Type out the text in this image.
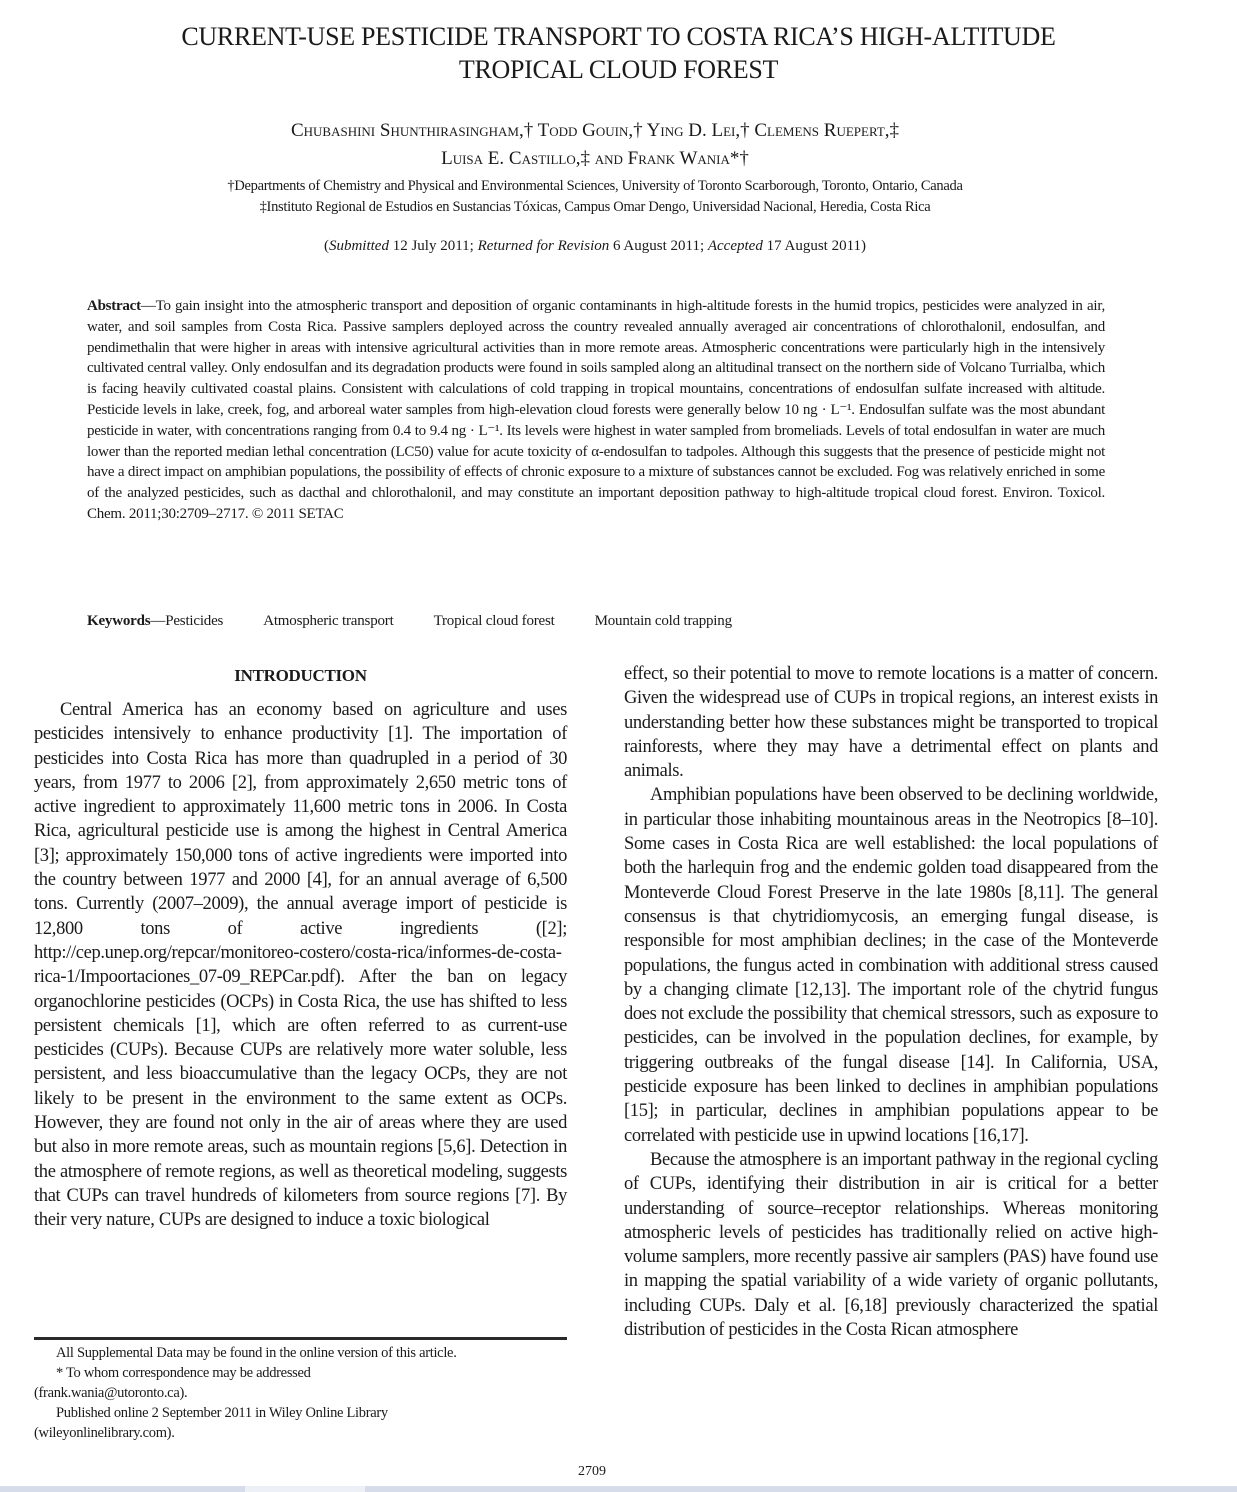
CURRENT-USE PESTICIDE TRANSPORT TO COSTA RICA’S HIGH-ALTITUDE
TROPICAL CLOUD FOREST
Chubashini Shunthirasingham,† Todd Gouin,† Ying D. Lei,† Clemens Ruepert,‡
Luisa E. Castillo,‡ and Frank Wania*†
†Departments of Chemistry and Physical and Environmental Sciences, University of Toronto Scarborough, Toronto, Ontario, Canada
‡Instituto Regional de Estudios en Sustancias Tóxicas, Campus Omar Dengo, Universidad Nacional, Heredia, Costa Rica
(Submitted 12 July 2011; Returned for Revision 6 August 2011; Accepted 17 August 2011)
Abstract—To gain insight into the atmospheric transport and deposition of organic contaminants in high-altitude forests in the humid tropics, pesticides were analyzed in air, water, and soil samples from Costa Rica. Passive samplers deployed across the country revealed annually averaged air concentrations of chlorothalonil, endosulfan, and pendimethalin that were higher in areas with intensive agricultural activities than in more remote areas. Atmospheric concentrations were particularly high in the intensively cultivated central valley. Only endosulfan and its degradation products were found in soils sampled along an altitudinal transect on the northern side of Volcano Turrialba, which is facing heavily cultivated coastal plains. Consistent with calculations of cold trapping in tropical mountains, concentrations of endosulfan sulfate increased with altitude. Pesticide levels in lake, creek, fog, and arboreal water samples from high-elevation cloud forests were generally below 10 ng · L⁻¹. Endosulfan sulfate was the most abundant pesticide in water, with concentrations ranging from 0.4 to 9.4 ng · L⁻¹. Its levels were highest in water sampled from bromeliads. Levels of total endosulfan in water are much lower than the reported median lethal concentration (LC50) value for acute toxicity of α-endosulfan to tadpoles. Although this suggests that the presence of pesticide might not have a direct impact on amphibian populations, the possibility of effects of chronic exposure to a mixture of substances cannot be excluded. Fog was relatively enriched in some of the analyzed pesticides, such as dacthal and chlorothalonil, and may constitute an important deposition pathway to high-altitude tropical cloud forest. Environ. Toxicol. Chem. 2011;30:2709–2717. © 2011 SETAC
Keywords—Pesticides	Atmospheric transport	Tropical cloud forest	Mountain cold trapping
INTRODUCTION

Central America has an economy based on agriculture and uses pesticides intensively to enhance productivity [1]. The importation of pesticides into Costa Rica has more than quadrupled in a period of 30 years, from 1977 to 2006 [2], from approximately 2,650 metric tons of active ingredient to approximately 11,600 metric tons in 2006. In Costa Rica, agricultural pesticide use is among the highest in Central America [3]; approximately 150,000 tons of active ingredients were imported into the country between 1977 and 2000 [4], for an annual average of 6,500 tons. Currently (2007–2009), the annual average import of pesticide is 12,800 tons of active ingredients ([2]; http://cep.unep.org/repcar/monitoreo-costero/costa-rica/informes-de-costa-rica-1/Impoortaciones_07-09_REPCar.pdf). After the ban on legacy organochlorine pesticides (OCPs) in Costa Rica, the use has shifted to less persistent chemicals [1], which are often referred to as current-use pesticides (CUPs). Because CUPs are relatively more water soluble, less persistent, and less bioaccumulative than the legacy OCPs, they are not likely to be present in the environment to the same extent as OCPs. However, they are found not only in the air of areas where they are used but also in more remote areas, such as mountain regions [5,6]. Detection in the atmosphere of remote regions, as well as theoretical modeling, suggests that CUPs can travel hundreds of kilometers from source regions [7]. By their very nature, CUPs are designed to induce a toxic biological

effect, so their potential to move to remote locations is a matter of concern. Given the widespread use of CUPs in tropical regions, an interest exists in understanding better how these substances might be transported to tropical rainforests, where they may have a detrimental effect on plants and animals.

Amphibian populations have been observed to be declining worldwide, in particular those inhabiting mountainous areas in the Neotropics [8–10]. Some cases in Costa Rica are well established: the local populations of both the harlequin frog and the endemic golden toad disappeared from the Monteverde Cloud Forest Preserve in the late 1980s [8,11]. The general consensus is that chytridiomycosis, an emerging fungal disease, is responsible for most amphibian declines; in the case of the Monteverde populations, the fungus acted in combination with additional stress caused by a changing climate [12,13]. The important role of the chytrid fungus does not exclude the possibility that chemical stressors, such as exposure to pesticides, can be involved in the population declines, for example, by triggering outbreaks of the fungal disease [14]. In California, USA, pesticide exposure has been linked to declines in amphibian populations [15]; in particular, declines in amphibian populations appear to be correlated with pesticide use in upwind locations [16,17].

Because the atmosphere is an important pathway in the regional cycling of CUPs, identifying their distribution in air is critical for a better understanding of source–receptor relationships. Whereas monitoring atmospheric levels of pesticides has traditionally relied on active high-volume samplers, more recently passive air samplers (PAS) have found use in mapping the spatial variability of a wide variety of organic pollutants, including CUPs. Daly et al. [6,18] previously characterized the spatial distribution of pesticides in the Costa Rican atmosphere

All Supplemental Data may be found in the online version of this article.

* To whom correspondence may be addressed

(frank.wania@utoronto.ca).

Published online 2 September 2011 in Wiley Online Library

(wileyonlinelibrary.com).

2709
